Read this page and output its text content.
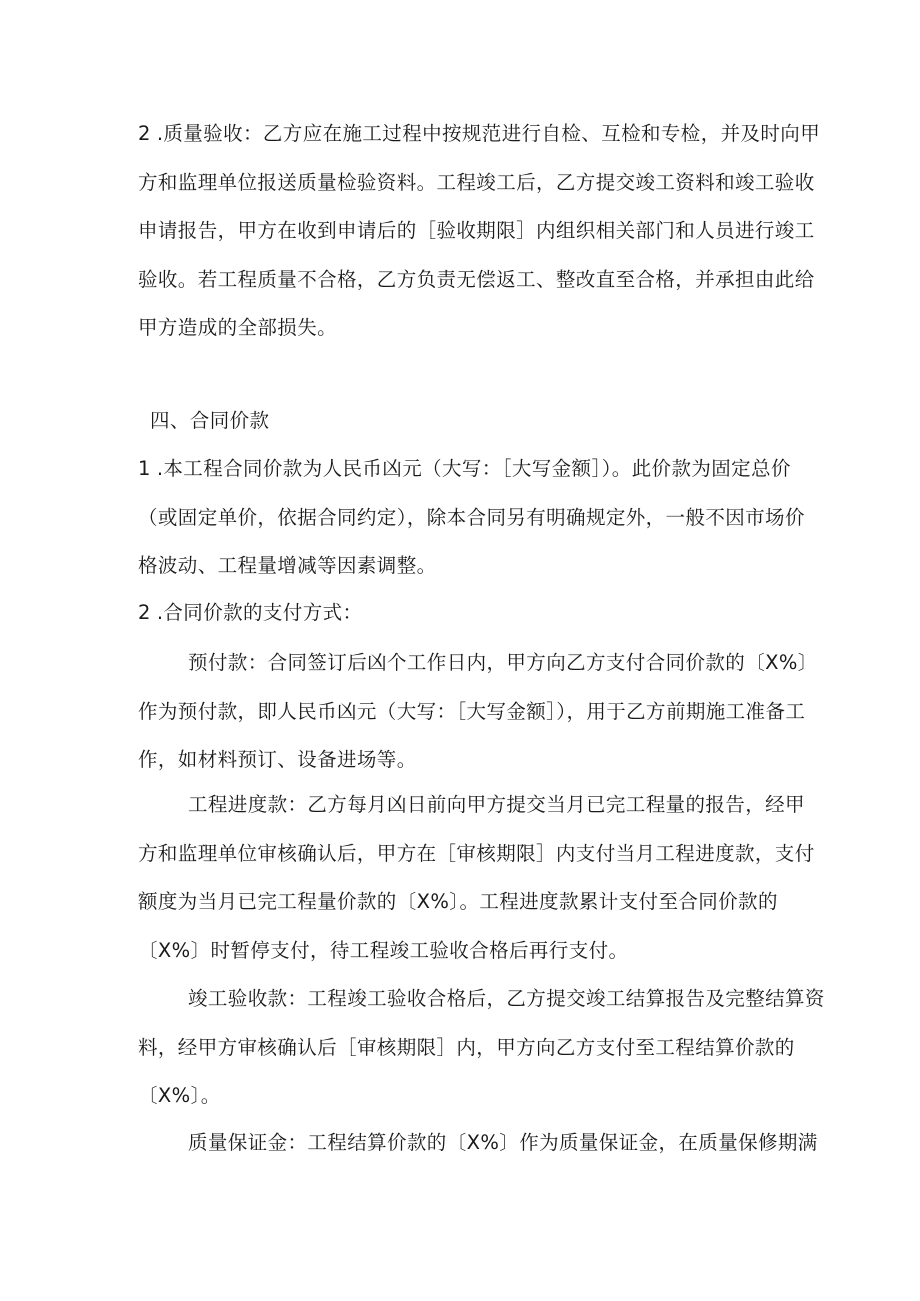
2 .质量验收：乙方应在施工过程中按规范进行自检、互检和专检，并及时向甲
方和监理单位报送质量检验资料。工程竣工后，乙方提交竣工资料和竣工验收
申请报告，甲方在收到申请后的［验收期限］内组织相关部门和人员进行竣工
验收。若工程质量不合格，乙方负责无偿返工、整改直至合格，并承担由此给
甲方造成的全部损失。
四、合同价款
1 .本工程合同价款为人民币凶元（大写：［大写金额］）。此价款为固定总价
（或固定单价，依据合同约定），除本合同另有明确规定外，一般不因市场价
格波动、工程量增减等因素调整。
2 .合同价款的支付方式：
预付款：合同签订后凶个工作日内，甲方向乙方支付合同价款的〔X%〕
作为预付款，即人民币凶元（大写：［大写金额］），用于乙方前期施工准备工
作，如材料预订、设备进场等。
工程进度款：乙方每月凶日前向甲方提交当月已完工程量的报告，经甲
方和监理单位审核确认后，甲方在［审核期限］内支付当月工程进度款，支付
额度为当月已完工程量价款的〔X%〕。工程进度款累计支付至合同价款的
〔X%〕时暂停支付，待工程竣工验收合格后再行支付。
竣工验收款：工程竣工验收合格后，乙方提交竣工结算报告及完整结算资
料，经甲方审核确认后［审核期限］内，甲方向乙方支付至工程结算价款的
〔X%〕。
质量保证金：工程结算价款的〔X%〕作为质量保证金，在质量保修期满
